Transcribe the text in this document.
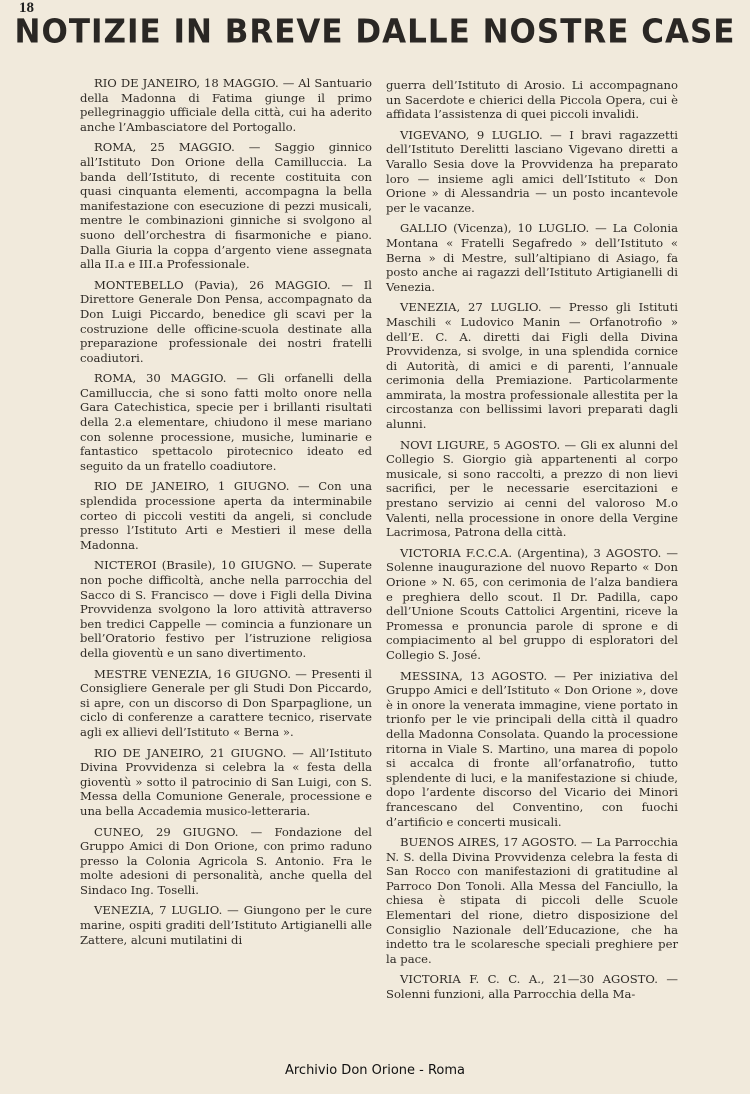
18
NOTIZIE IN BREVE DALLE NOSTRE CASE

RIO DE JANEIRO, 18 MAGGIO. — Al Santuario della Madonna di Fatima giunge il primo pellegrinaggio ufficiale della città, cui ha aderito anche l’Ambasciatore del Portogallo.

ROMA, 25 MAGGIO. — Saggio ginnico all’Istituto Don Orione della Camilluccia. La banda dell’Istituto, di recente costituita con quasi cinquanta elementi, accompagna la bella manifestazione con esecuzione di pezzi musicali, mentre le combinazioni ginniche si svolgono al suono dell’orchestra di fisarmoniche e piano. Dalla Giuria la coppa d’argento viene assegnata alla II.a e III.a Professionale.

MONTEBELLO (Pavia), 26 MAGGIO. — Il Direttore Generale Don Pensa, accompagnato da Don Luigi Piccardo, benedice gli scavi per la costruzione delle officine-scuola destinate alla preparazione professionale dei nostri fratelli coadiutori.

ROMA, 30 MAGGIO. — Gli orfanelli della Camilluccia, che si sono fatti molto onore nella Gara Catechistica, specie per i brillanti risultati della 2.a elementare, chiudono il mese mariano con solenne processione, musiche, luminarie e fantastico spettacolo pirotecnico ideato ed seguito da un fratello coadiutore.

RIO DE JANEIRO, 1 GIUGNO. — Con una splendida processione aperta da interminabile corteo di piccoli vestiti da angeli, si conclude presso l’Istituto Arti e Mestieri il mese della Madonna.

NICTEROI (Brasile), 10 GIUGNO. — Superate non poche difficoltà, anche nella parrocchia del Sacco di S. Francisco — dove i Figli della Divina Provvidenza svolgono la loro attività attraverso ben tredici Cappelle — comincia a funzionare un bell’Oratorio festivo per l’istruzione religiosa della gioventù e un sano divertimento.

MESTRE VENEZIA, 16 GIUGNO. — Presenti il Consigliere Generale per gli Studi Don Piccardo, si apre, con un discorso di Don Sparpaglione, un ciclo di conferenze a carattere tecnico, riservate agli ex allievi dell’Istituto « Berna ».

RIO DE JANEIRO, 21 GIUGNO. — All’Istituto Divina Provvidenza si celebra la « festa della gioventù » sotto il patrocinio di San Luigi, con S. Messa della Comunione Generale, processione e una bella Accademia musico-letteraria.

CUNEO, 29 GIUGNO. — Fondazione del Gruppo Amici di Don Orione, con primo raduno presso la Colonia Agricola S. Antonio. Fra le molte adesioni di personalità, anche quella del Sindaco Ing. Toselli.

VENEZIA, 7 LUGLIO. — Giungono per le cure marine, ospiti graditi dell’Istituto Artigianelli alle Zattere, alcuni mutilatini di

guerra dell’Istituto di Arosio. Li accompagnano un Sacerdote e chierici della Piccola Opera, cui è affidata l’assistenza di quei piccoli invalidi.

VIGEVANO, 9 LUGLIO. — I bravi ragazzetti dell’Istituto Derelitti lasciano Vigevano diretti a Varallo Sesia dove la Provvidenza ha preparato loro — insieme agli amici dell’Istituto « Don Orione » di Alessandria — un posto incantevole per le vacanze.

GALLIO (Vicenza), 10 LUGLIO. — La Colonia Montana « Fratelli Segafredo » dell’Istituto « Berna » di Mestre, sull’altipiano di Asiago, fa posto anche ai ragazzi dell’Istituto Artigianelli di Venezia.

VENEZIA, 27 LUGLIO. — Presso gli Istituti Maschili « Ludovico Manin — Orfanotrofio » dell’E. C. A. diretti dai Figli della Divina Provvidenza, si svolge, in una splendida cornice di Autorità, di amici e di parenti, l’annuale cerimonia della Premiazione. Particolarmente ammirata, la mostra professionale allestita per la circostanza con bellissimi lavori preparati dagli alunni.

NOVI LIGURE, 5 AGOSTO. — Gli ex alunni del Collegio S. Giorgio già appartenenti al corpo musicale, si sono raccolti, a prezzo di non lievi sacrifici, per le necessarie esercitazioni e prestano servizio ai cenni del valoroso M.o Valenti, nella processione in onore della Vergine Lacrimosa, Patrona della città.

VICTORIA F.C.C.A. (Argentina), 3 AGOSTO. — Solenne inaugurazione del nuovo Reparto « Don Orione » N. 65, con cerimonia de l’alza bandiera e preghiera dello scout. Il Dr. Padilla, capo dell’Unione Scouts Cattolici Argentini, riceve la Promessa e pronuncia parole di sprone e di compiacimento al bel gruppo di esploratori del Collegio S. José.

MESSINA, 13 AGOSTO. — Per iniziativa del Gruppo Amici e dell’Istituto « Don Orione », dove è in onore la venerata immagine, viene portato in trionfo per le vie principali della città il quadro della Madonna Consolata. Quando la processione ritorna in Viale S. Martino, una marea di popolo si accalca di fronte all’orfanatrofio, tutto splendente di luci, e la manifestazione si chiude, dopo l’ardente discorso del Vicario dei Minori francescano del Conventino, con fuochi d’artificio e concerti musicali.

BUENOS AIRES, 17 AGOSTO. — La Parrocchia N. S. della Divina Provvidenza celebra la festa di San Rocco con manifestazioni di gratitudine al Parroco Don Tonoli. Alla Messa del Fanciullo, la chiesa è stipata di piccoli delle Scuole Elementari del rione, dietro disposizione del Consiglio Nazionale dell’Educazione, che ha indetto tra le scolaresche speciali preghiere per la pace.

VICTORIA F. C. C. A., 21—30 AGOSTO. — Solenni funzioni, alla Parrocchia della Ma-

Archivio Don Orione - Roma
